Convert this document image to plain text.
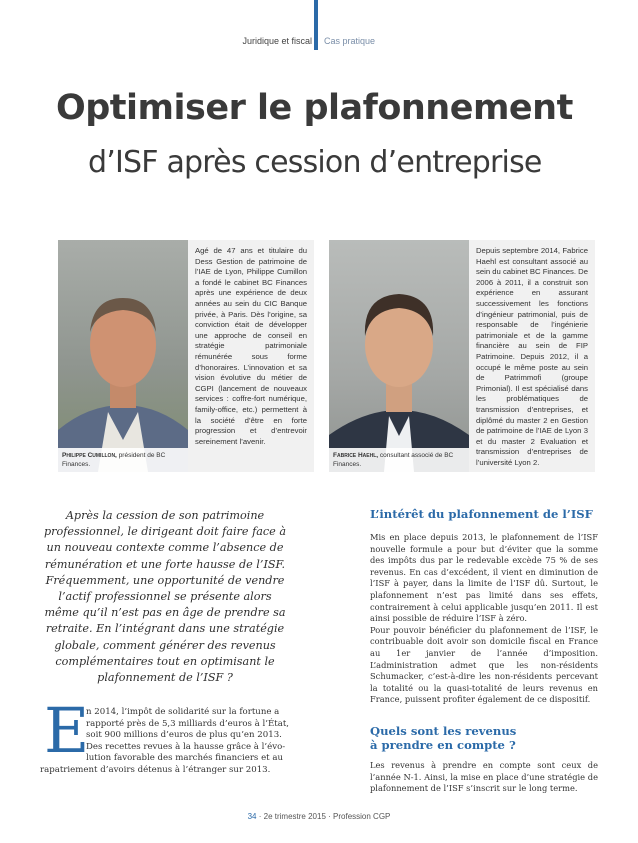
Juridique et fiscal Cas pratique
Optimiser le plafonnement
d’ISF après cession d’entreprise
Philippe Cumillon, président de BC Finances.
Agé de 47 ans et titulaire du Dess Gestion de patrimoine de l’IAE de Lyon, Philippe Cumillon a fondé le cabinet BC Finances après une expérience de deux années au sein du CIC Banque privée, à Paris. Dès l’origine, sa conviction était de développer une approche de conseil en stratégie patrimoniale rémunérée sous forme d’honoraires. L’innovation et sa vision évolutive du métier de CGPI (lancement de nouveaux services : coffre-fort numérique, family-office, etc.) permettent à la société d’être en forte progression et d’entrevoir sereinement l’avenir.
Fabrice Haehl, consultant associé de BC Finances.
Depuis septembre 2014, Fabrice Haehl est consultant associé au sein du cabinet BC Finances. De 2006 à 2011, il a construit son expérience en assurant successivement les fonctions d’ingénieur patrimonial, puis de responsable de l’ingénierie patrimoniale et de la gamme financière au sein de FIP Patrimoine. Depuis 2012, il a occupé le même poste au sein de Patrimmofi (groupe Primonial). Il est spécialisé dans les problématiques de transmission d’entreprises, et diplômé du master 2 en Gestion de patrimoine de l’IAE de Lyon 3 et du master 2 Evaluation et transmission d’entreprises de l’université Lyon 2.
Après la cession de son patrimoine professionnel, le dirigeant doit faire face à un nouveau contexte comme l’absence de rémunération et une forte hausse de l’ISF. Fréquemment, une opportunité de vendre l’actif professionnel se présente alors même qu’il n’est pas en âge de prendre sa retraite. En l’intégrant dans une stratégie globale, comment générer des revenus complémentaires tout en optimisant le plafonnement de l’ISF ?
E
n 2014, l’impôt de solidarité sur la fortune a
rapporté près de 5,3 milliards d’euros à l’État,
soit 900 millions d’euros de plus qu’en 2013.
Des recettes revues à la hausse grâce à l’évo-
lution favorable des marchés financiers et au
rapatriement d’avoirs détenus à l’étranger sur 2013.
L’intérêt du plafonnement de l’ISF
Mis en place depuis 2013, le plafonnement de l’ISF nouvelle formule a pour but d’éviter que la somme des impôts dus par le redevable excède 75 % de ses revenus. En cas d’excédent, il vient en diminution de l’ISF à payer, dans la limite de l’ISF dû. Surtout, le plafonnement n’est pas limité dans ses effets, contrairement à celui applicable jusqu’en 2011. Il est ainsi possible de réduire l’ISF à zéro.
Pour pouvoir bénéficier du plafonnement de l’ISF, le contribuable doit avoir son domicile fiscal en France au 1er janvier de l’année d’imposition. L’administration admet que les non-résidents Schumacker, c’est-à-dire les non-résidents percevant la totalité ou la quasi-totalité de leurs revenus en France, puissent profiter également de ce dispositif.
Quels sont les revenus
à prendre en compte ?
Les revenus à prendre en compte sont ceux de l’année N-1. Ainsi, la mise en place d’une stratégie de plafonnement de l’ISF s’inscrit sur le long terme.
34 · 2e trimestre 2015 · Profession CGP
